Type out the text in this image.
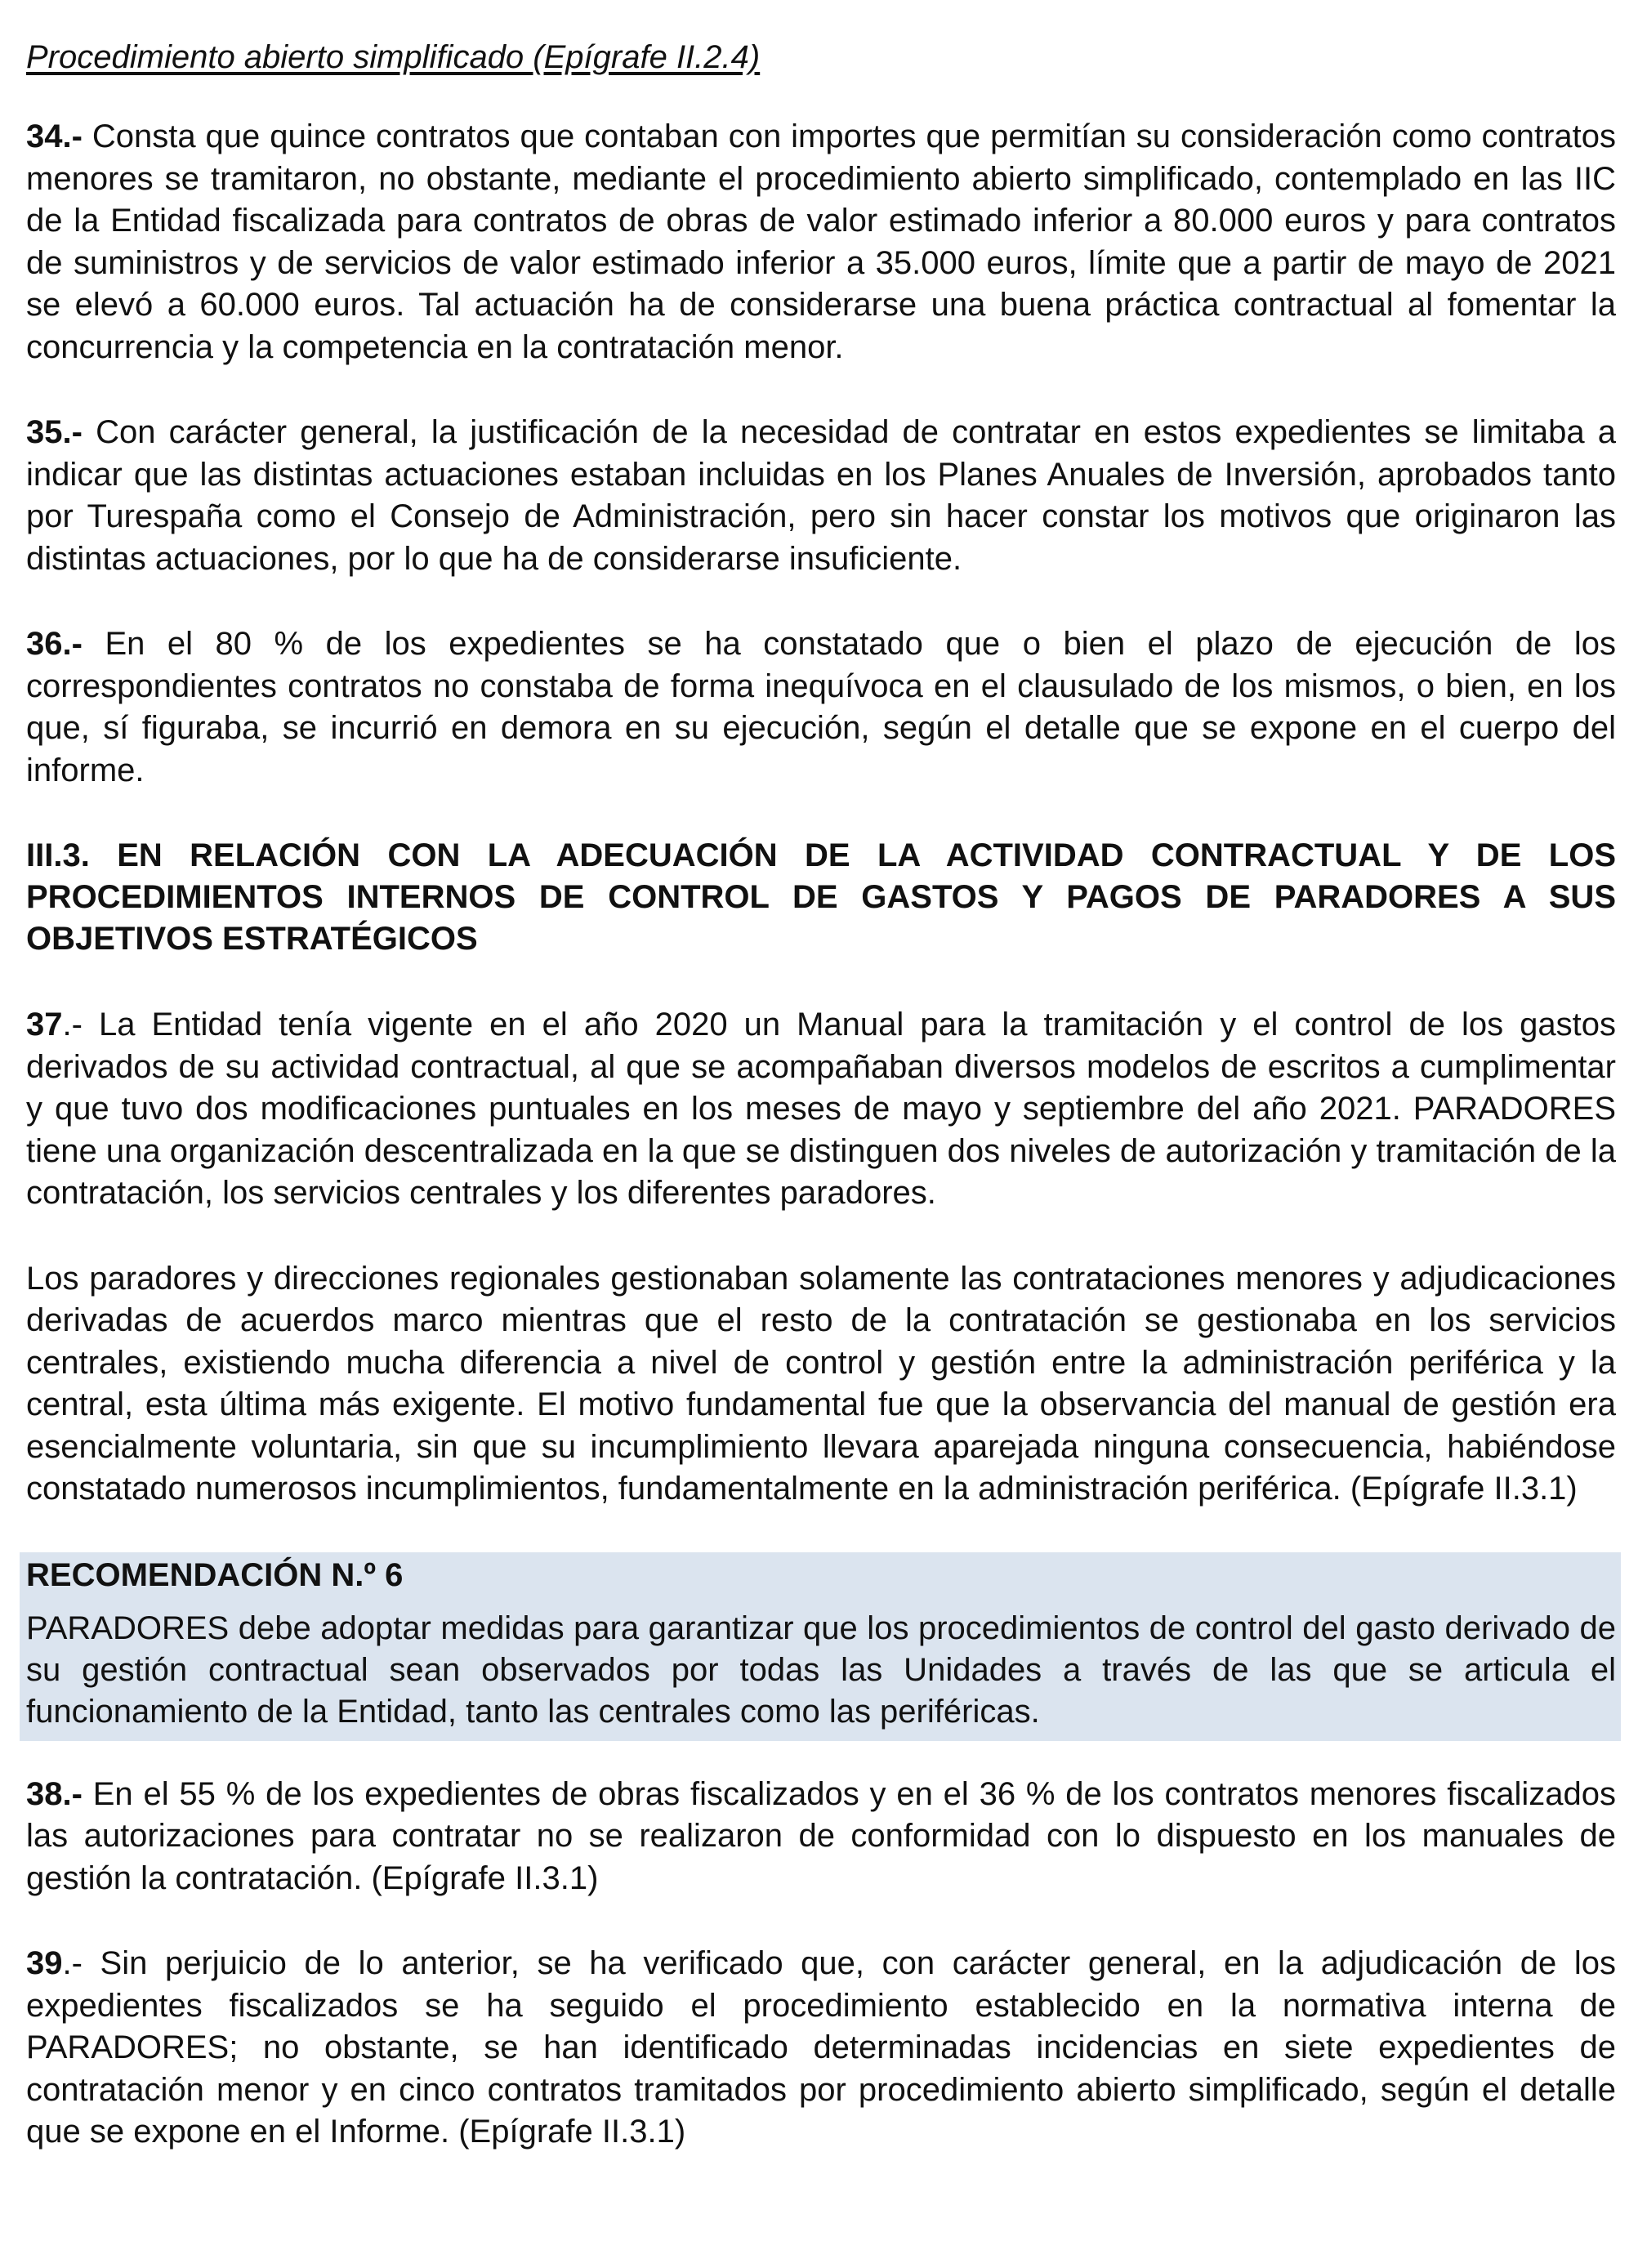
Procedimiento abierto simplificado (Epígrafe II.2.4)

34.- Consta que quince contratos que contaban con importes que permitían su consideración como contratos menores se tramitaron, no obstante, mediante el procedimiento abierto simplificado, contemplado en las IIC de la Entidad fiscalizada para contratos de obras de valor estimado inferior a 80.000 euros y para contratos de suministros y de servicios de valor estimado inferior a 35.000 euros, límite que a partir de mayo de 2021 se elevó a 60.000 euros. Tal actuación ha de considerarse una buena práctica contractual al fomentar la concurrencia y la competencia en la contratación menor.

35.- Con carácter general, la justificación de la necesidad de contratar en estos expedientes se limitaba a indicar que las distintas actuaciones estaban incluidas en los Planes Anuales de Inversión, aprobados tanto por Turespaña como el Consejo de Administración, pero sin hacer constar los motivos que originaron las distintas actuaciones, por lo que ha de considerarse insuficiente.

36.- En el 80 % de los expedientes se ha constatado que o bien el plazo de ejecución de los correspondientes contratos no constaba de forma inequívoca en el clausulado de los mismos, o bien, en los que, sí figuraba, se incurrió en demora en su ejecución, según el detalle que se expone en el cuerpo del informe.

III.3. EN RELACIÓN CON LA ADECUACIÓN DE LA ACTIVIDAD CONTRACTUAL Y DE LOS PROCEDIMIENTOS INTERNOS DE CONTROL DE GASTOS Y PAGOS DE PARADORES A SUS OBJETIVOS ESTRATÉGICOS

37.- La Entidad tenía vigente en el año 2020 un Manual para la tramitación y el control de los gastos derivados de su actividad contractual, al que se acompañaban diversos modelos de escritos a cumplimentar y que tuvo dos modificaciones puntuales en los meses de mayo y septiembre del año 2021. PARADORES tiene una organización descentralizada en la que se distinguen dos niveles de autorización y tramitación de la contratación, los servicios centrales y los diferentes paradores.

Los paradores y direcciones regionales gestionaban solamente las contrataciones menores y adjudicaciones derivadas de acuerdos marco mientras que el resto de la contratación se gestionaba en los servicios centrales, existiendo mucha diferencia a nivel de control y gestión entre la administración periférica y la central, esta última más exigente. El motivo fundamental fue que la observancia del manual de gestión era esencialmente voluntaria, sin que su incumplimiento llevara aparejada ninguna consecuencia, habiéndose constatado numerosos incumplimientos, fundamentalmente en la administración periférica. (Epígrafe II.3.1)

RECOMENDACIÓN N.º 6

PARADORES debe adoptar medidas para garantizar que los procedimientos de control del gasto derivado de su gestión contractual sean observados por todas las Unidades a través de las que se articula el funcionamiento de la Entidad, tanto las centrales como las periféricas.

38.- En el 55 % de los expedientes de obras fiscalizados y en el 36 % de los contratos menores fiscalizados las autorizaciones para contratar no se realizaron de conformidad con lo dispuesto en los manuales de gestión la contratación. (Epígrafe II.3.1)

39.- Sin perjuicio de lo anterior, se ha verificado que, con carácter general, en la adjudicación de los expedientes fiscalizados se ha seguido el procedimiento establecido en la normativa interna de PARADORES; no obstante, se han identificado determinadas incidencias en siete expedientes de contratación menor y en cinco contratos tramitados por procedimiento abierto simplificado, según el detalle que se expone en el Informe. (Epígrafe II.3.1)
